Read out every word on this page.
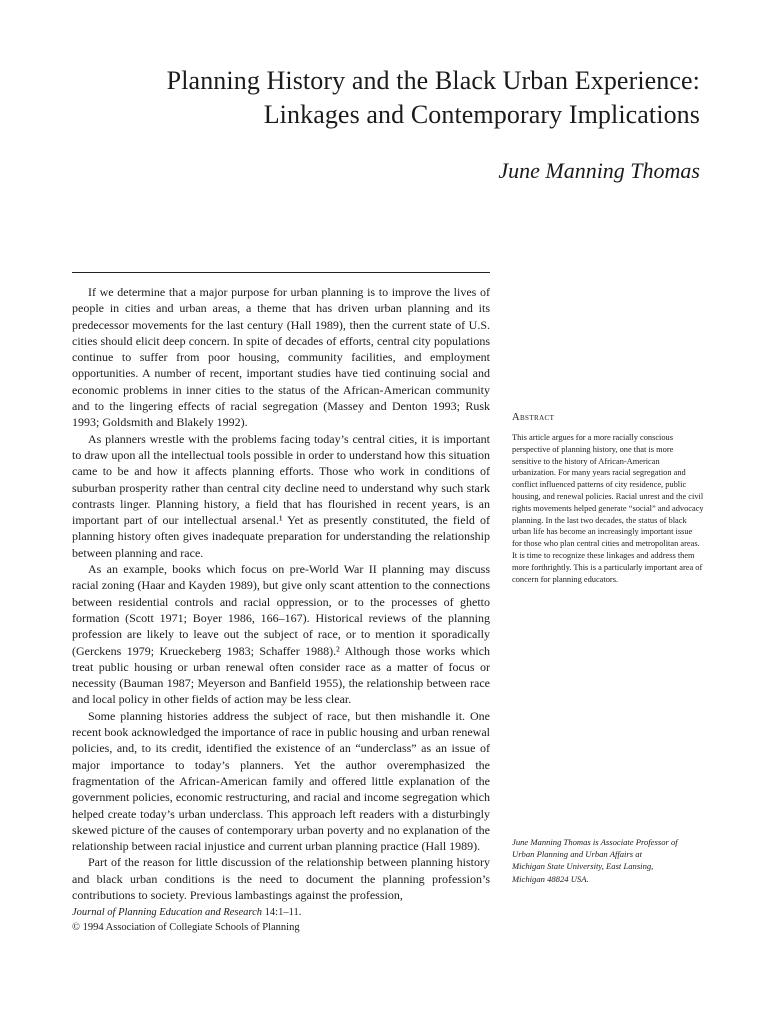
Planning History and the Black Urban Experience:
Linkages and Contemporary Implications
June Manning Thomas

If we determine that a major purpose for urban planning is to improve the lives of people in cities and urban areas, a theme that has driven urban planning and its predecessor movements for the last century (Hall 1989), then the current state of U.S. cities should elicit deep concern. In spite of decades of efforts, central city populations continue to suffer from poor housing, community facilities, and employment opportunities. A number of recent, important studies have tied continuing social and economic problems in inner cities to the status of the African-American community and to the lingering effects of racial segregation (Massey and Denton 1993; Rusk 1993; Goldsmith and Blakely 1992).

As planners wrestle with the problems facing today’s central cities, it is important to draw upon all the intellectual tools possible in order to understand how this situation came to be and how it affects planning efforts. Those who work in conditions of suburban prosperity rather than central city decline need to understand why such stark contrasts linger. Planning history, a field that has flourished in recent years, is an important part of our intellectual arsenal.¹ Yet as presently constituted, the field of planning history often gives inadequate preparation for understanding the relationship between planning and race.

As an example, books which focus on pre-World War II planning may discuss racial zoning (Haar and Kayden 1989), but give only scant attention to the connections between residential controls and racial oppression, or to the processes of ghetto formation (Scott 1971; Boyer 1986, 166–167). Historical reviews of the planning profession are likely to leave out the subject of race, or to mention it sporadically (Gerckens 1979; Krueckeberg 1983; Schaffer 1988).² Although those works which treat public housing or urban renewal often consider race as a matter of focus or necessity (Bauman 1987; Meyerson and Banfield 1955), the relationship between race and local policy in other fields of action may be less clear.

Some planning histories address the subject of race, but then mishandle it. One recent book acknowledged the importance of race in public housing and urban renewal policies, and, to its credit, identified the existence of an “underclass” as an issue of major importance to today’s planners. Yet the author overemphasized the fragmentation of the African-American family and offered little explanation of the government policies, economic restructuring, and racial and income segregation which helped create today’s urban underclass. This approach left readers with a disturbingly skewed picture of the causes of contemporary urban poverty and no explanation of the relationship between racial injustice and current urban planning practice (Hall 1989).

Part of the reason for little discussion of the relationship between planning history and black urban conditions is the need to document the planning profession’s contributions to society. Previous lambastings against the profession,

Abstract
This article argues for a more racially conscious perspective of planning history, one that is more sensitive to the history of African-American urbanization. For many years racial segregation and conflict influenced patterns of city residence, public housing, and renewal policies. Racial unrest and the civil rights movements helped generate “social” and advocacy planning. In the last two decades, the status of black urban life has become an increasingly important issue for those who plan central cities and metropolitan areas. It is time to recognize these linkages and address them more forthrightly. This is a particularly important area of concern for planning educators.
June Manning Thomas is Associate Professor of
Urban Planning and Urban Affairs at
Michigan State University, East Lansing,
Michigan 48824 USA.
Journal of Planning Education and Research 14:1–11.
© 1994 Association of Collegiate Schools of Planning
